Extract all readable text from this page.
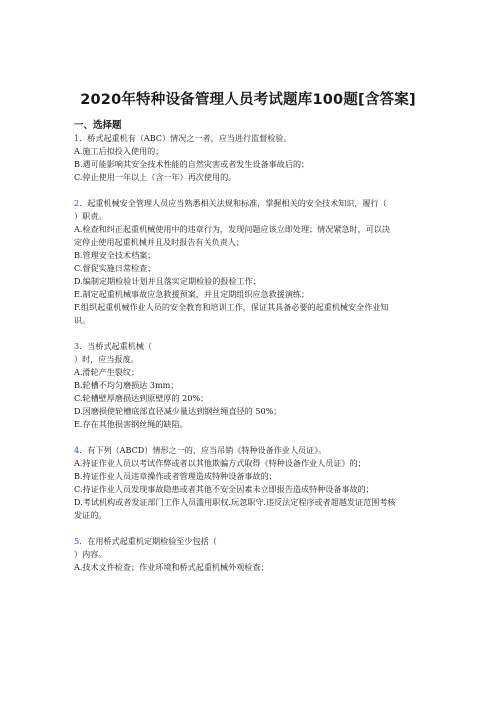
2020年特种设备管理人员考试题库100题[含答案]
一、选择题
1．桥式起重机有（ABC）情况之一者，应当进行监督检验。
A.施工后拟投入使用的；
B.遇可能影响其安全技术性能的自然灾害或者发生设备事故后的；
C.停止使用一年以上（含一年）再次使用的。
2．起重机械安全管理人员应当熟悉相关法规和标准，掌握相关的安全技术知识，履行（
）职责。
A.检查和纠正起重机械使用中的违章行为，发现问题应该立即处理；情况紧急时，可以决
定停止使用起重机械并且及时报告有关负责人；
B.管理安全技术档案；
C.督促实施日常检查；
D.编制定期检验计划并且落实定期检验的报检工作；
E.制定起重机械事故应急救援预案，并且定期组织应急救援演练；
F.组织起重机械作业人员的安全教育和培训工作，保证其具备必要的起重机械安全作业知
识。
3．当桥式起重机械（
）时，应当报废。
A.滑轮产生裂纹；
B.轮槽不均匀磨损达 3mm；
C.轮槽壁厚磨损达到原壁厚的 20%；
D.因磨损使轮槽底部直径减少量达到钢丝绳直径的 50%；
E.存在其他损害钢丝绳的缺陷。
4．有下列（ABCD）情形之一的，应当吊销《特种设备作业人员证》。
A.持证作业人员以考试作弊或者以其他欺骗方式取得《特种设备作业人员证》的；
B.持证作业人员违章操作或者管理造成特种设备事故的；
C.持证作业人员发现事故隐患或者其他不安全因素未立即报告造成特种设备事故的；
D.考试机构或者发证部门工作人员滥用职权.玩忽职守.违反法定程序或者超越发证范围考核
发证的。
5．在用桥式起重机定期检验至少包括（
）内容。
A.技术文件检查；作业环境和桥式起重机械外观检查；
